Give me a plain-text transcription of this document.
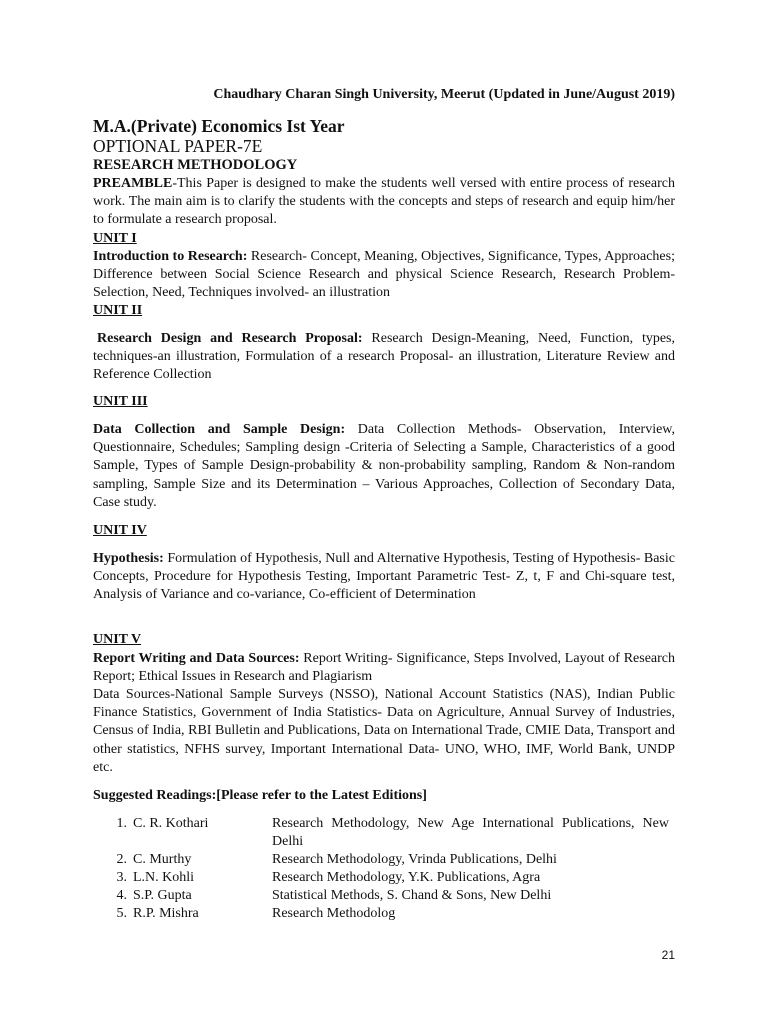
Chaudhary Charan Singh University, Meerut (Updated in June/August 2019)
M.A.(Private) Economics Ist Year
OPTIONAL PAPER-7E
RESEARCH METHODOLOGY
PREAMBLE-This Paper is designed to make the students well versed with entire process of research work. The main aim is to clarify the students with the concepts and steps of research and equip him/her to formulate a research proposal.
UNIT I
Introduction to Research: Research- Concept, Meaning, Objectives, Significance, Types, Approaches; Difference between Social Science Research and physical Science Research, Research Problem- Selection, Need, Techniques involved- an illustration
UNIT II
Research Design and Research Proposal: Research Design-Meaning, Need, Function, types, techniques-an illustration, Formulation of a research Proposal- an illustration, Literature Review and Reference Collection
UNIT III
Data Collection and Sample Design: Data Collection Methods- Observation, Interview, Questionnaire, Schedules; Sampling design -Criteria of Selecting a Sample, Characteristics of a good Sample, Types of Sample Design-probability & non-probability sampling, Random & Non-random sampling, Sample Size and its Determination – Various Approaches, Collection of Secondary Data, Case study.
UNIT IV
Hypothesis: Formulation of Hypothesis, Null and Alternative Hypothesis, Testing of Hypothesis- Basic Concepts, Procedure for Hypothesis Testing, Important Parametric Test- Z, t, F and Chi-square test, Analysis of Variance and co-variance, Co-efficient of Determination
UNIT V
Report Writing and Data Sources: Report Writing- Significance, Steps Involved, Layout of Research Report; Ethical Issues in Research and Plagiarism
Data Sources-National Sample Surveys (NSSO), National Account Statistics (NAS), Indian Public Finance Statistics, Government of India Statistics- Data on Agriculture, Annual Survey of Industries, Census of India, RBI Bulletin and Publications, Data on International Trade, CMIE Data, Transport and other statistics, NFHS survey, Important International Data- UNO, WHO, IMF, World Bank, UNDP etc.
Suggested Readings:[Please refer to the Latest Editions]
1. C. R. Kothari	Research Methodology, New Age International Publications, New Delhi
2. C. Murthy	Research Methodology, Vrinda Publications, Delhi
3. L.N. Kohli	Research Methodology, Y.K. Publications, Agra
4. S.P. Gupta	Statistical Methods, S. Chand & Sons, New Delhi
5. R.P. Mishra	Research Methodolog
21
